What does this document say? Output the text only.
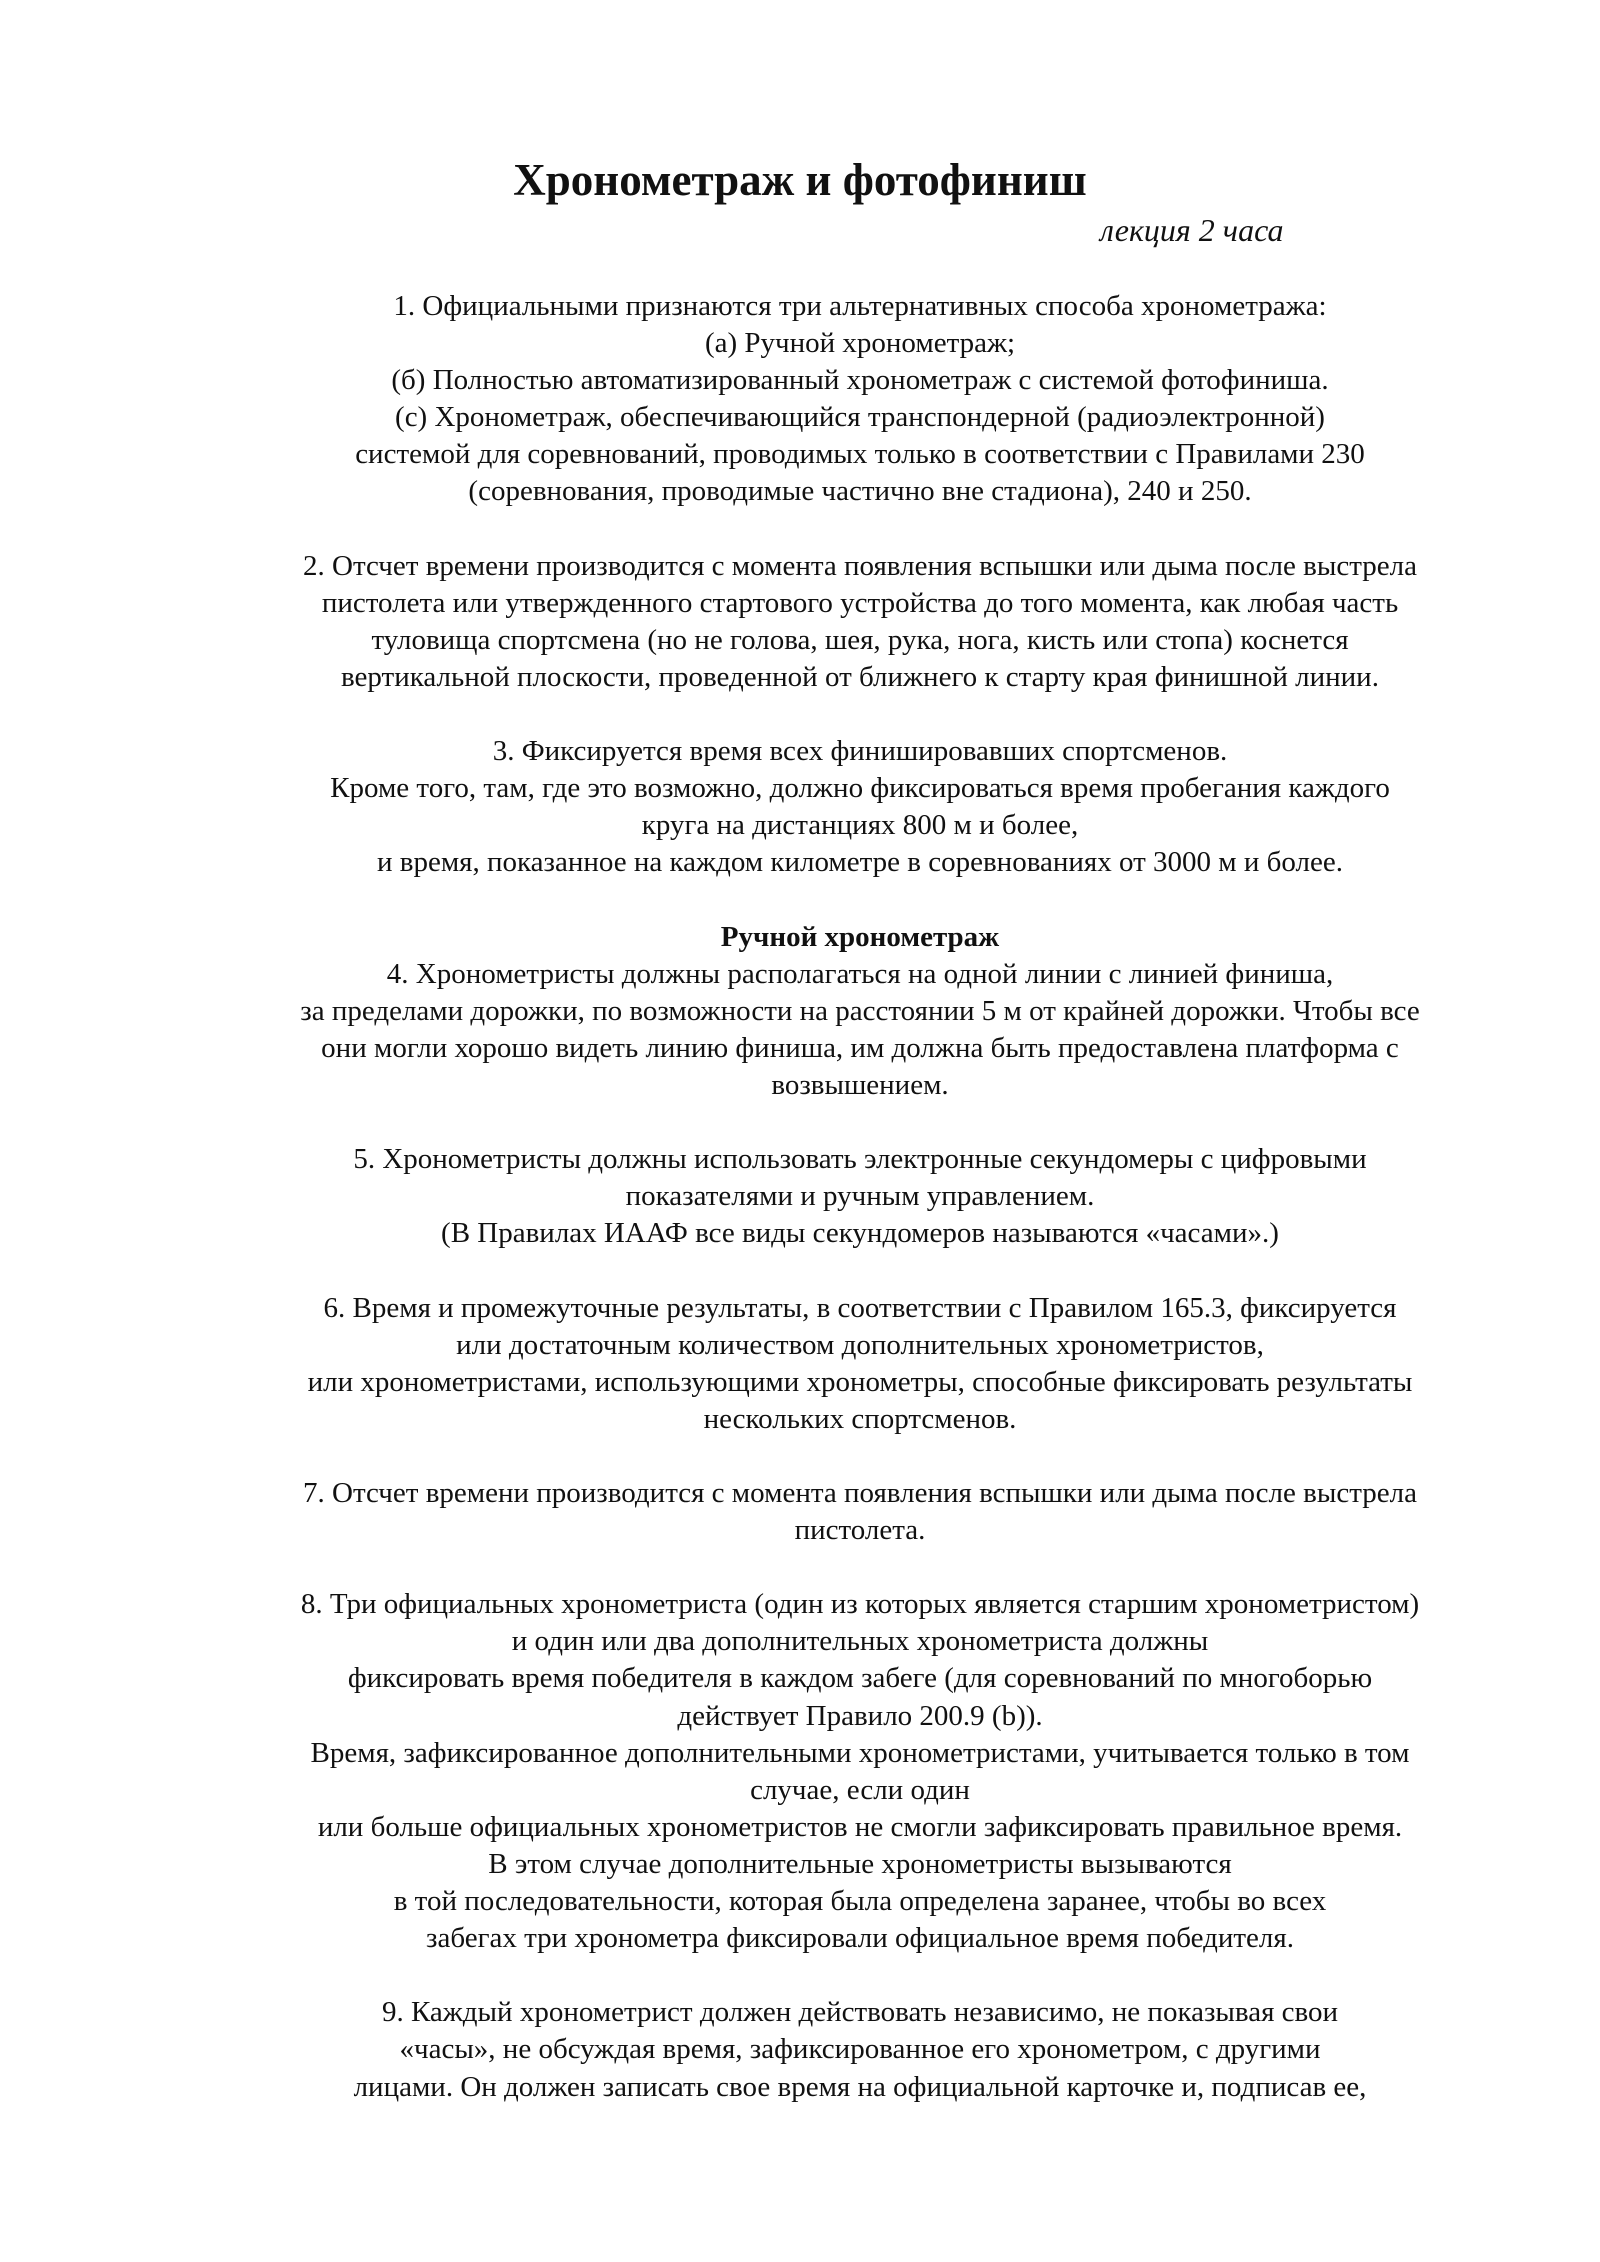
Хронометраж и фотофиниш

лекция 2 часа

1. Официальными признаются три альтернативных способа хронометража:
(а) Ручной хронометраж;
(б) Полностью автоматизированный хронометраж с системой фотофиниша.
(с) Хронометраж, обеспечивающийся транспондерной (радиоэлектронной)
системой для соревнований, проводимых только в соответствии с Правилами 230
(соревнования, проводимые частично вне стадиона), 240 и 250.

2. Отсчет времени производится с момента появления вспышки или дыма после выстрела
пистолета или утвержденного стартового устройства до того момента, как любая часть
туловища спортсмена (но не голова, шея, рука, нога, кисть или стопа) коснется
вертикальной плоскости, проведенной от ближнего к старту края финишной линии.

3. Фиксируется время всех финишировавших спортсменов.
Кроме того, там, где это возможно, должно фиксироваться время пробегания каждого
круга на дистанциях 800 м и более,
и время, показанное на каждом километре в соревнованиях от 3000 м и более.

Ручной хронометраж
4. Хронометристы должны располагаться на одной линии с линией финиша,
за пределами дорожки, по возможности на расстоянии 5 м от крайней дорожки. Чтобы все
они могли хорошо видеть линию финиша, им должна быть предоставлена платформа с
возвышением.

5. Хронометристы должны использовать электронные секундомеры с цифровыми
показателями и ручным управлением.
(В Правилах ИААФ все виды секундомеров называются «часами».)

6. Время и промежуточные результаты, в соответствии с Правилом 165.3, фиксируется
или достаточным количеством дополнительных хронометристов,
или хронометристами, использующими хронометры, способные фиксировать результаты
нескольких спортсменов.

7. Отсчет времени производится с момента появления вспышки или дыма после выстрела
пистолета.

8. Три официальных хронометриста (один из которых является старшим хронометристом)
и один или два дополнительных хронометриста должны
фиксировать время победителя в каждом забеге (для соревнований по многоборью
действует Правило 200.9 (b)).
Время, зафиксированное дополнительными хронометристами, учитывается только в том
случае, если один
или больше официальных хронометристов не смогли зафиксировать правильное время.
В этом случае дополнительные хронометристы вызываются
в той последовательности, которая была определена заранее, чтобы во всех
забегах три хронометра фиксировали официальное время победителя.

9. Каждый хронометрист должен действовать независимо, не показывая свои
«часы», не обсуждая время, зафиксированное его хронометром, с другими
лицами. Он должен записать свое время на официальной карточке и, подписав ее,
